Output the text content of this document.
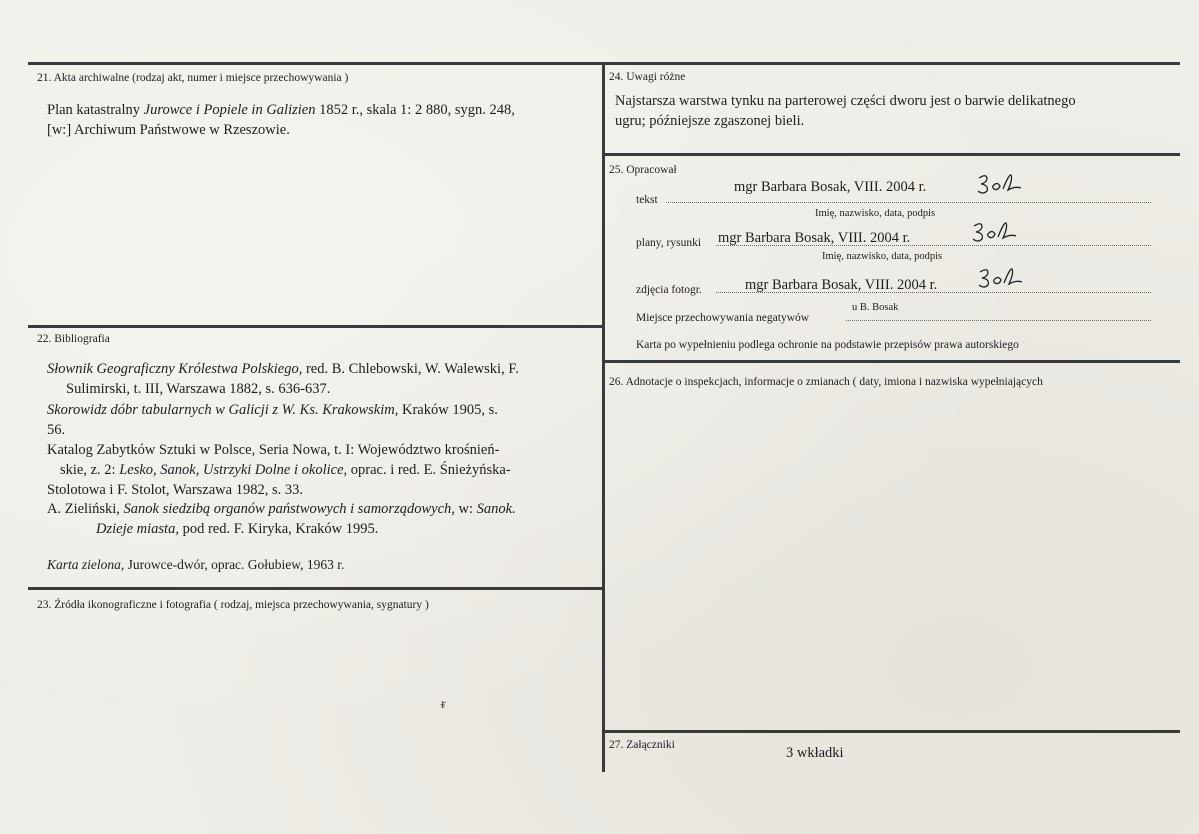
21. Akta archiwalne (rodzaj akt, numer i miejsce przechowywania )
Plan katastralny Jurowce i Popiele in Galizien 1852 r., skala 1: 2 880, sygn. 248,
[w:] Archiwum Państwowe w Rzeszowie.
22. Bibliografia
Słownik Geograficzny Królestwa Polskiego, red. B. Chlebowski, W. Walewski, F.
Sulimirski, t. III, Warszawa 1882, s. 636-637.
Skorowidz dóbr tabularnych w Galicji z W. Ks. Krakowskim, Kraków 1905, s.
56.
Katalog Zabytków Sztuki w Polsce, Seria Nowa, t. I: Województwo krośnień-
skie, z. 2: Lesko, Sanok, Ustrzyki Dolne i okolice, oprac. i red. E. Śnieżyńska-
Stolotowa i F. Stolot, Warszawa 1982, s. 33.
A. Zieliński, Sanok siedzibą organów państwowych i samorządowych, w: Sanok.
Dzieje miasta, pod red. F. Kiryka, Kraków 1995.
Karta zielona, Jurowce-dwór, oprac. Gołubiew, 1963 r.
23. Źródła ikonograficzne i fotografia ( rodzaj, miejsca przechowywania, sygnatury )
ᵲ
24. Uwagi różne
Najstarsza warstwa tynku na parterowej części dworu jest o barwie delikatnego
ugru; późniejsze zgaszonej bieli.
25. Opracował
tekst
mgr Barbara Bosak, VIII. 2004 r.
Imię, nazwisko, data, podpis
plany, rysunki mgr Barbara Bosak, VIII. 2004 r.
Imię, nazwisko, data, podpis
zdjęcia fotogr.	mgr Barbara Bosak, VIII. 2004 r.
Miejsce przechowywania negatywów
u B. Bosak
Karta po wypełnieniu podlega ochronie na podstawie przepisów prawa autorskiego
26. Adnotacje o inspekcjach, informacje o zmianach ( daty, imiona i nazwiska wypełniających
27. Załączniki	3 wkładki
